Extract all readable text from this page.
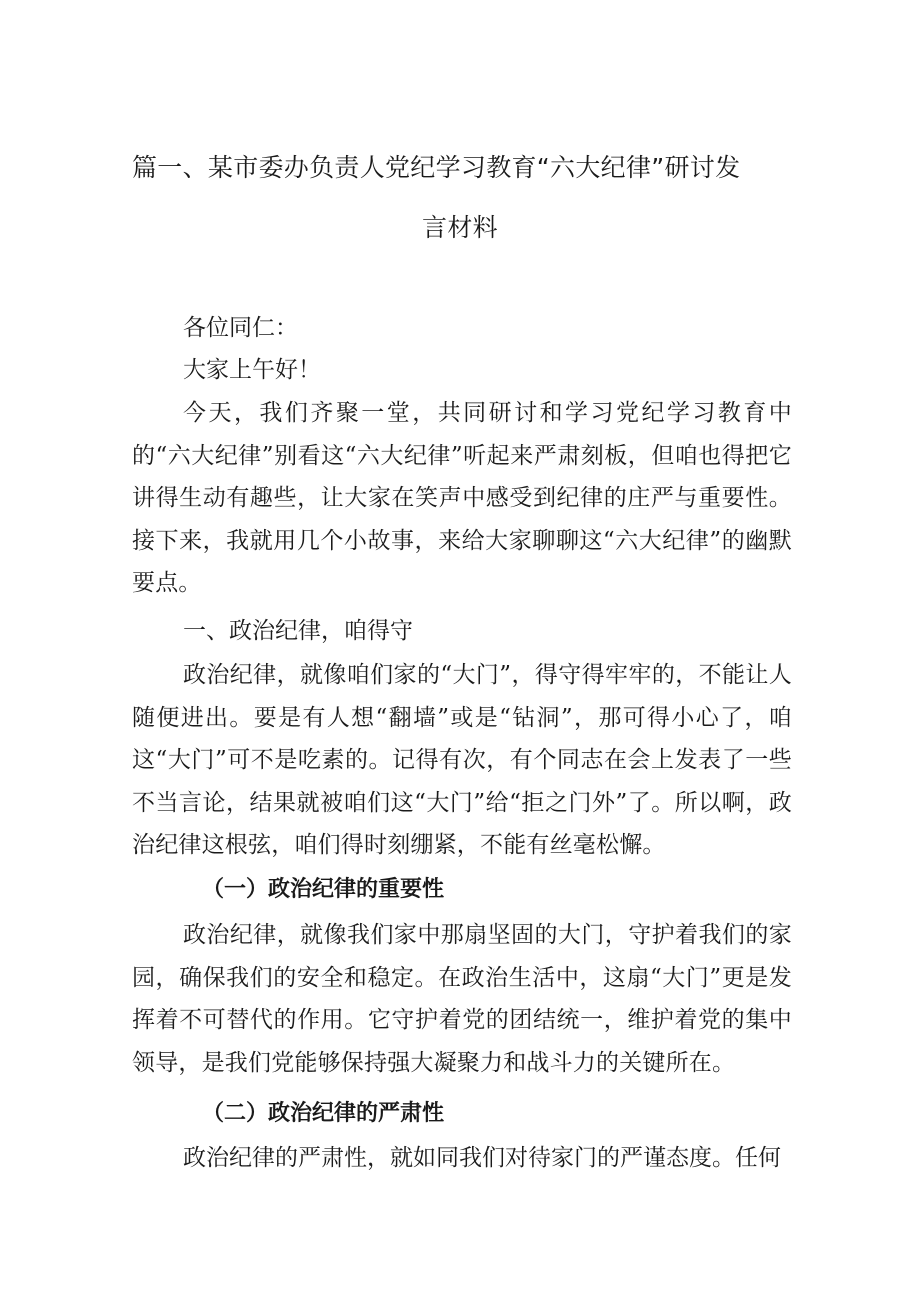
篇一、某市委办负责人党纪学习教育“六大纪律”研讨发
言材料

各位同仁：

大家上午好！

今天，我们齐聚一堂，共同研讨和学习党纪学习教育中的“六大纪律”别看这“六大纪律”听起来严肃刻板，但咱也得把它讲得生动有趣些，让大家在笑声中感受到纪律的庄严与重要性。接下来，我就用几个小故事，来给大家聊聊这“六大纪律”的幽默要点。

一、政治纪律，咱得守

政治纪律，就像咱们家的“大门”，得守得牢牢的，不能让人随便进出。要是有人想“翻墙”或是“钻洞”，那可得小心了，咱这“大门”可不是吃素的。记得有次，有个同志在会上发表了一些不当言论，结果就被咱们这“大门”给“拒之门外”了。所以啊，政治纪律这根弦，咱们得时刻绷紧，不能有丝毫松懈。

（一）政治纪律的重要性

政治纪律，就像我们家中那扇坚固的大门，守护着我们的家园，确保我们的安全和稳定。在政治生活中，这扇“大门”更是发挥着不可替代的作用。它守护着党的团结统一，维护着党的集中领导，是我们党能够保持强大凝聚力和战斗力的关键所在。

（二）政治纪律的严肃性

政治纪律的严肃性，就如同我们对待家门的严谨态度。任何
